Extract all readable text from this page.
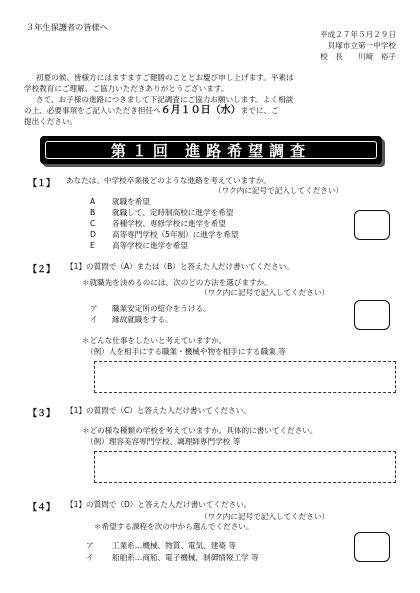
３年生保護者の皆様へ
平成２７年５月２９日
貝塚市立第一中学校
校　長　　川﨑　裕子
初夏の候、皆様方にはますますご健勝のこととお慶び申し上げます。平素は
学校教育にご理解、ご協力いただきありがとうございます。
さて、お子様の進路につきまして下記調査にご協力お願いします。よく相談
の上、必要事項をご記入いただき担任へ６月１０日（水）までに、ご
提出ください。
第１回 進路希望調査
【１】 あなたは、中学校卒業後どのような進路を考えていますか。
（ワク内に記号で記入してください）
A 就職を希望
B 就職して、定時制高校に進学を希望
C 各種学校、専修学校に進学を希望
D 高等専門学校（5年制）に進学を希望
E 高等学校に進学を希望
【２】 【1】の質問で（A）または（B）と答えた人だけ書いてください。
＊就職先を決めるのには、次のどの方法を選びますか。
（ワク内に記号で記入してください）
ア 職業安定所の紹介をうける。
イ 縁故就職をする。
＊どんな仕事をしたいと考えていますか。
（例）人を相手にする職業・機械や物を相手にする職業 等
【３】 【1】の質問で（C）と答えた人だけ書いてください。
＊どの様な種類の学校を考えていますか。具体的に書いてください。
（例）理容美容専門学校、調理師専門学校 等
【４】 【1】の質問で（D）と答えた人だけ書いてください。
（ワク内に記号で記入してください）
＊希望する課程を次の中から選んでください。
ア 工業系…機械、物質、電気、建築 等
イ 船舶系…商船、電子機械，制御情報工学 等
